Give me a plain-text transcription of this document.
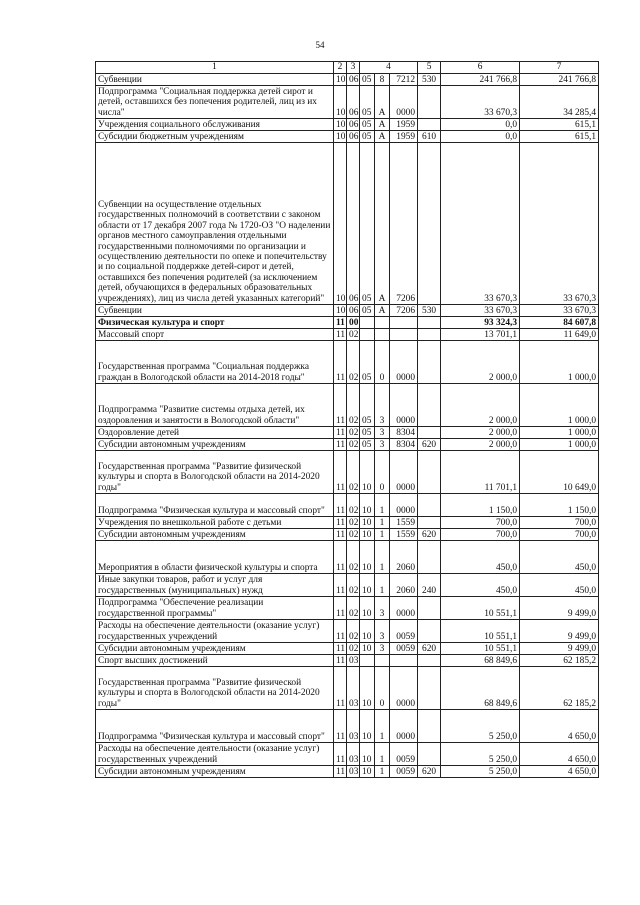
54
1	2	3	4			5	6	7
Субвенции	10	06	05	8	7212	530	241 766,8	241 766,8
Подпрограмма "Социальная поддержка детей сирот и детей, оставшихся без попечения родителей, лиц из их числа"	10	06	05	А	0000		33 670,3	34 285,4
Учреждения социального обслуживания	10	06	05	А	1959		0,0	615,1
Субсидии бюджетным учреждениям	10	06	05	А	1959	610	0,0	615,1
Субвенции на осуществление отдельных государственных полномочий в соответствии с законом области от 17 декабря 2007 года № 1720-ОЗ "О наделении органов местного самоуправления отдельными государственными полномочиями по организации и осуществлению деятельности по опеке и попечительству и по социальной поддержке детей-сирот и детей, оставшихся без попечения родителей (за исключением детей, обучающихся в федеральных образовательных учреждениях), лиц из числа детей указанных категорий"	10	06	05	А	7206		33 670,3	33 670,3
Субвенции	10	06	05	А	7206	530	33 670,3	33 670,3
Физическая культура и спорт	11	00					93 324,3	84 607,8
Массовый спорт	11	02					13 701,1	11 649,0
Государственная программа "Социальная поддержка граждан в Вологодской области на 2014-2018 годы"	11	02	05	0	0000		2 000,0	1 000,0
Подпрограмма "Развитие системы отдыха детей, их оздоровления и занятости в Вологодской области"	11	02	05	3	0000		2 000,0	1 000,0
Оздоровление детей	11	02	05	3	8304		2 000,0	1 000,0
Субсидии автономным учреждениям	11	02	05	3	8304	620	2 000,0	1 000,0
Государственная программа "Развитие физической культуры и спорта в Вологодской области на 2014-2020 годы"	11	02	10	0	0000		11 701,1	10 649,0
Подпрограмма "Физическая культура и массовый спорт"	11	02	10	1	0000		1 150,0	1 150,0
Учреждения по внешкольной работе с детьми	11	02	10	1	1559		700,0	700,0
Субсидии автономным учреждениям	11	02	10	1	1559	620	700,0	700,0
Мероприятия в области физической культуры и спорта	11	02	10	1	2060		450,0	450,0
Иные закупки товаров, работ и услуг для государственных (муниципальных) нужд	11	02	10	1	2060	240	450,0	450,0
Подпрограмма "Обеспечение реализации государственной программы"	11	02	10	3	0000		10 551,1	9 499,0
Расходы на обеспечение деятельности (оказание услуг) государственных учреждений	11	02	10	3	0059		10 551,1	9 499,0
Субсидии автономным учреждениям	11	02	10	3	0059	620	10 551,1	9 499,0
Спорт высших достижений	11	03					68 849,6	62 185,2
Государственная программа "Развитие физической культуры и спорта в Вологодской области на 2014-2020 годы"	11	03	10	0	0000		68 849,6	62 185,2
Подпрограмма "Физическая культура и массовый спорт"	11	03	10	1	0000		5 250,0	4 650,0
Расходы на обеспечение деятельности (оказание услуг) государственных учреждений	11	03	10	1	0059		5 250,0	4 650,0
Субсидии автономным учреждениям	11	03	10	1	0059	620	5 250,0	4 650,0
